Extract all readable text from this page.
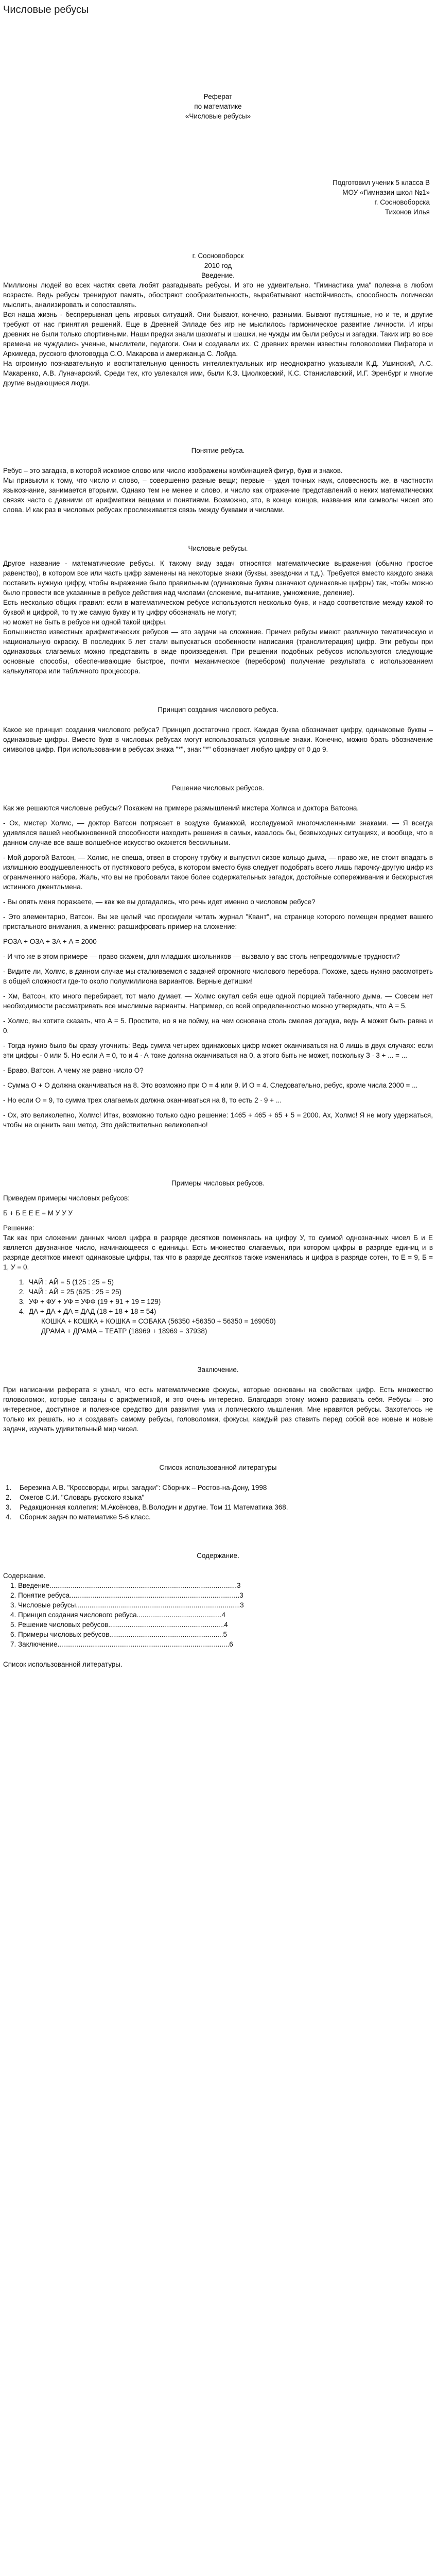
Числовые ребусы

Реферат

по математике

«Числовые ребусы»

Подготовил ученик 5 класса В

МОУ «Гимназии школ №1»

г. Сосновоборска

Тихонов Илья

г. Сосновоборск

2010 год

Введение.

Миллионы людей во всех частях света любят разгадывать ребусы. И это не удивительно. "Гимнастика ума" полезна в любом возрасте. Ведь ребусы тренируют память, обостряют сообразительность, вырабатывают настойчивость, способность логически мыслить, анализировать и сопоставлять.

Вся наша жизнь - беспрерывная цепь игровых ситуаций. Они бывают, конечно, разными. Бывают пустяшные, но и те, и другие требуют от нас принятия решений. Еще в Древней Элладе без игр не мыслилось гармоническое развитие личности. И игры древних не были только спортивными. Наши предки знали шахматы и шашки, не чужды им были ребусы и загадки. Таких игр во все времена не чуждались ученые, мыслители, педагоги. Они и создавали их. С древних времен известны головоломки Пифагора и Архимеда, русского флотоводца С.О. Макарова и американца С. Лойда.

На огромную познавательную и воспитательную ценность интеллектуальных игр неоднократно указывали К.Д. Ушинский, А.С. Макаренко, А.В. Луначарский. Среди тех, кто увлекался ими, были К.Э. Циолковский, К.С. Станиславский, И.Г. Эренбург и многие другие выдающиеся люди.

Понятие ребуса.

Ребус – это загадка, в которой искомое слово или число изображены комбинацией фигур, букв и знаков.

Мы привыкли к тому, что число и слово, – совершенно разные вещи; первые – удел точных наук, словесность же, в частности языкознание, занимается вторыми. Однако тем не менее и слово, и число как отражение представлений о неких математических связях часто с давними от арифметики вещами и понятиями. Возможно, это, в конце концов, названия или символы чисел это слова. И как раз в числовых ребусах прослеживается связь между буквами и числами.

Числовые ребусы.

Другое название - математические ребусы. К такому виду задач относятся математические выражения (обычно простое равенство), в котором все или часть цифр заменены на некоторые знаки (буквы, звездочки и т.д.). Требуется вместо каждого знака поставить нужную цифру, чтобы выражение было правильным (одинаковые буквы означают одинаковые цифры) так, чтобы можно было провести все указанные в ребусе действия над числами (сложение, вычитание, умножение, деление).

Есть несколько общих правил: если в математическом ребусе используются несколько букв, и надо соответствие между какой-то буквой и цифрой, то ту же самую букву и ту цифру обозначать не могут;

но может не быть в ребусе ни одной такой цифры.

Большинство известных арифметических ребусов — это задачи на сложение. Причем ребусы имеют различную тематическую и национальную окраску. В последних 5 лет стали выпускаться особенности написания (транслитерация) цифр. Эти ребусы при одинаковых слагаемых можно представить в виде произведения. При решении подобных ребусов используются следующие основные способы, обеспечивающие быстрое, почти механическое (перебором) получение результата с использованием калькулятора или табличного процессора.

Принцип создания числового ребуса.

Какое же принцип создания числового ребуса? Принцип достаточно прост. Каждая буква обозначает цифру, одинаковые буквы – одинаковые цифры. Вместо букв в числовых ребусах могут использоваться условные знаки. Конечно, можно брать обозначение символов цифр. При использовании в ребусах знака "*", знак "*" обозначает любую цифру от 0 до 9.

Решение числовых ребусов.

Как же решаются числовые ребусы? Покажем на примере размышлений мистера Холмса и доктора Ватсона.

- Ох, мистер Холмс, — доктор Ватсон потрясает в воздухе бумажкой, исследуемой многочисленными знаками. — Я всегда удивлялся вашей необыкновенной способности находить решения в самых, казалось бы, безвыходных ситуациях, и вообще, что в данном случае все ваше волшебное искусство окажется бессильным.

- Мой дорогой Ватсон, — Холмс, не спеша, отвел в сторону трубку и выпустил сизое кольцо дыма, — право же, не стоит впадать в излишнюю воодушевленность от пустякового ребуса, в котором вместо букв следует подобрать всего лишь парочку-другую цифр из ограниченного набора. Жаль, что вы не пробовали такое более содержательных загадок, достойные сопереживания и бескорыстия истинного джентльмена.

- Вы опять меня поражаете, — как же вы догадались, что речь идет именно о числовом ребусе?

- Это элементарно, Ватсон. Вы же целый час просидели читать журнал "Квант", на странице которого помещен предмет вашего пристального внимания, а именно: расшифровать пример на сложение:

РОЗА + ОЗА + ЗА + А = 2000

- И что же в этом примере — право скажем, для младших школьников — вызвало у вас столь непреодолимые трудности?

- Видите ли, Холмс, в данном случае мы сталкиваемся с задачей огромного числового перебора. Похоже, здесь нужно рассмотреть в общей сложности где-то около полумиллиона вариантов. Верные детишки!

- Хм, Ватсон, кто много перебирает, тот мало думает. — Холмс окутал себя еще одной порцией табачного дыма. — Совсем нет необходимости рассматривать все мыслимые варианты. Например, со всей определенностью можно утверждать, что А = 5.

- Холмс, вы хотите сказать, что А = 5. Простите, но я не пойму, на чем основана столь смелая догадка, ведь А может быть равна и 0.

- Тогда нужно было бы сразу уточнить: Ведь сумма четырех одинаковых цифр может оканчиваться на 0 лишь в двух случаях: если эти цифры - 0 или 5. Но если А = 0, то и 4 ∙ А тоже должна оканчиваться на 0, а этого быть не может, поскольку З ∙ 3 + ... = ...

- Браво, Ватсон. А чему же равно число О?

- Сумма О + О должна оканчиваться на 8. Это возможно при О = 4 или 9. И О = 4. Следовательно, ребус, кроме числа 2000 = ...

- Но если О = 9, то сумма трех слагаемых должна оканчиваться на 8, то есть 2 ∙ 9 + ...

- Ох, это великолепно, Холмс! Итак, возможно только одно решение: 1465 + 465 + 65 + 5 = 2000. Ах, Холмс! Я не могу удержаться, чтобы не оценить ваш метод. Это действительно великолепно!

Примеры числовых ребусов.

Приведем примеры числовых ребусов:

Б + Б Е Е Е = М У У У

Решение:

Так как при сложении данных чисел цифра в разряде десятков поменялась на цифру У, то суммой однозначных чисел Б и Е является двузначное число, начинающееся с единицы. Есть множество слагаемых, при котором цифры в разряде единиц и в разряде десятков имеют одинаковые цифры, так что в разряде десятков также изменилась и цифра в разряде сотен, то Е = 9, Б = 1, У = 0.

1. ЧАЙ : АЙ = 5 (125 : 25 = 5)
2. ЧАЙ : АЙ = 25 (625 : 25 = 25)
3. УФ + ФУ + УФ = УФФ (19 + 91 + 19 = 129)
4. ДА + ДА + ДА = ДАД (18 + 18 + 18 = 54)
КОШКА + КОШКА + КОШКА = СОБАКА (56350 +56350 + 56350 = 169050)
ДРАМА + ДРАМА = ТЕАТР (18969 + 18969 = 37938)
Заключение.

При написании реферата я узнал, что есть математические фокусы, которые основаны на свойствах цифр. Есть множество головоломок, которые связаны с арифметикой, и это очень интересно. Благодаря этому можно развивать себя. Ребусы – это интересное, доступное и полезное средство для развития ума и логического мышления. Мне нравятся ребусы. Захотелось не только их решать, но и создавать самому ребусы, головоломки, фокусы, каждый раз ставить перед собой все новые и новые задачи, изучать удивительный мир чисел.

Список использованной литературы
1. Березина А.В. "Кроссворды, игры, загадки": Сборник – Ростов-на-Дону, 1998
2. Ожегов С.И. "Словарь русского языка"
3. Редакционная коллегия: М.Аксёнова, В.Володин и другие. Том 11 Математика 368.
4. Сборник задач по математике 5-6 класс.
Содержание.

Содержание.

1. Введение.................................................................................................3
2. Понятие ребуса........................................................................................3
3. Числовые ребусы.....................................................................................3
4. Принцип создания числового ребуса............................................4
5. Решение числовых ребусов............................................................4
6. Примеры числовых ребусов...........................................................5
7. Заключение.........................................................................................6

Список использованной литературы.
